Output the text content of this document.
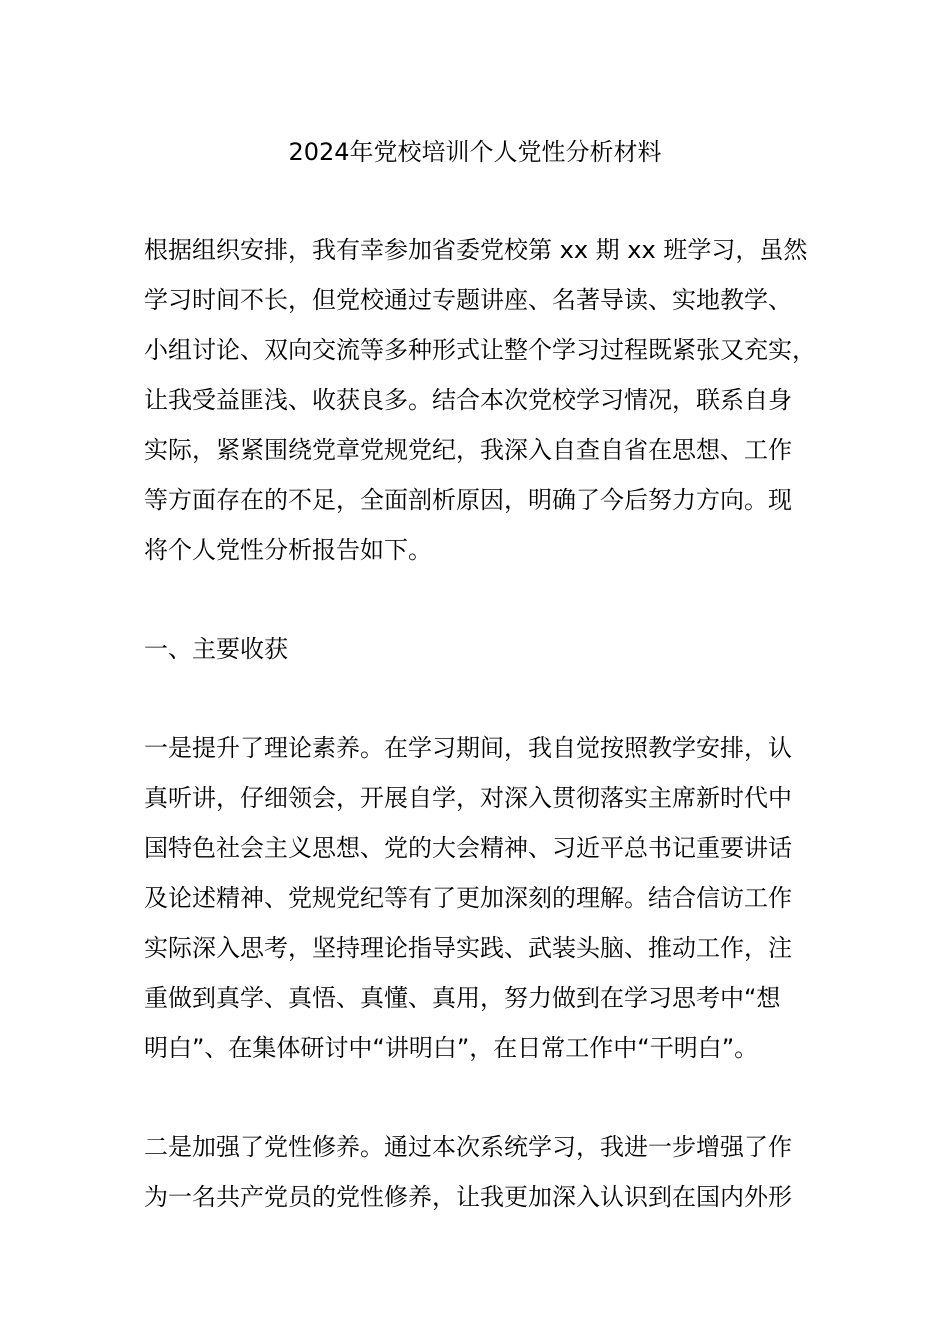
2024年党校培训个人党性分析材料
根据组织安排，我有幸参加省委党校第 xx 期 xx 班学习，虽然
学习时间不长，但党校通过专题讲座、名著导读、实地教学、
小组讨论、双向交流等多种形式让整个学习过程既紧张又充实，
让我受益匪浅、收获良多。结合本次党校学习情况，联系自身
实际，紧紧围绕党章党规党纪，我深入自查自省在思想、工作
等方面存在的不足，全面剖析原因，明确了今后努力方向。现
将个人党性分析报告如下。
一、主要收获
一是提升了理论素养。在学习期间，我自觉按照教学安排，认
真听讲，仔细领会，开展自学，对深入贯彻落实主席新时代中
国特色社会主义思想、党的大会精神、习近平总书记重要讲话
及论述精神、党规党纪等有了更加深刻的理解。结合信访工作
实际深入思考，坚持理论指导实践、武装头脑、推动工作，注
重做到真学、真悟、真懂、真用，努力做到在学习思考中“想
明白”、在集体研讨中“讲明白”，在日常工作中“干明白”。
二是加强了党性修养。通过本次系统学习，我进一步增强了作
为一名共产党员的党性修养，让我更加深入认识到在国内外形
